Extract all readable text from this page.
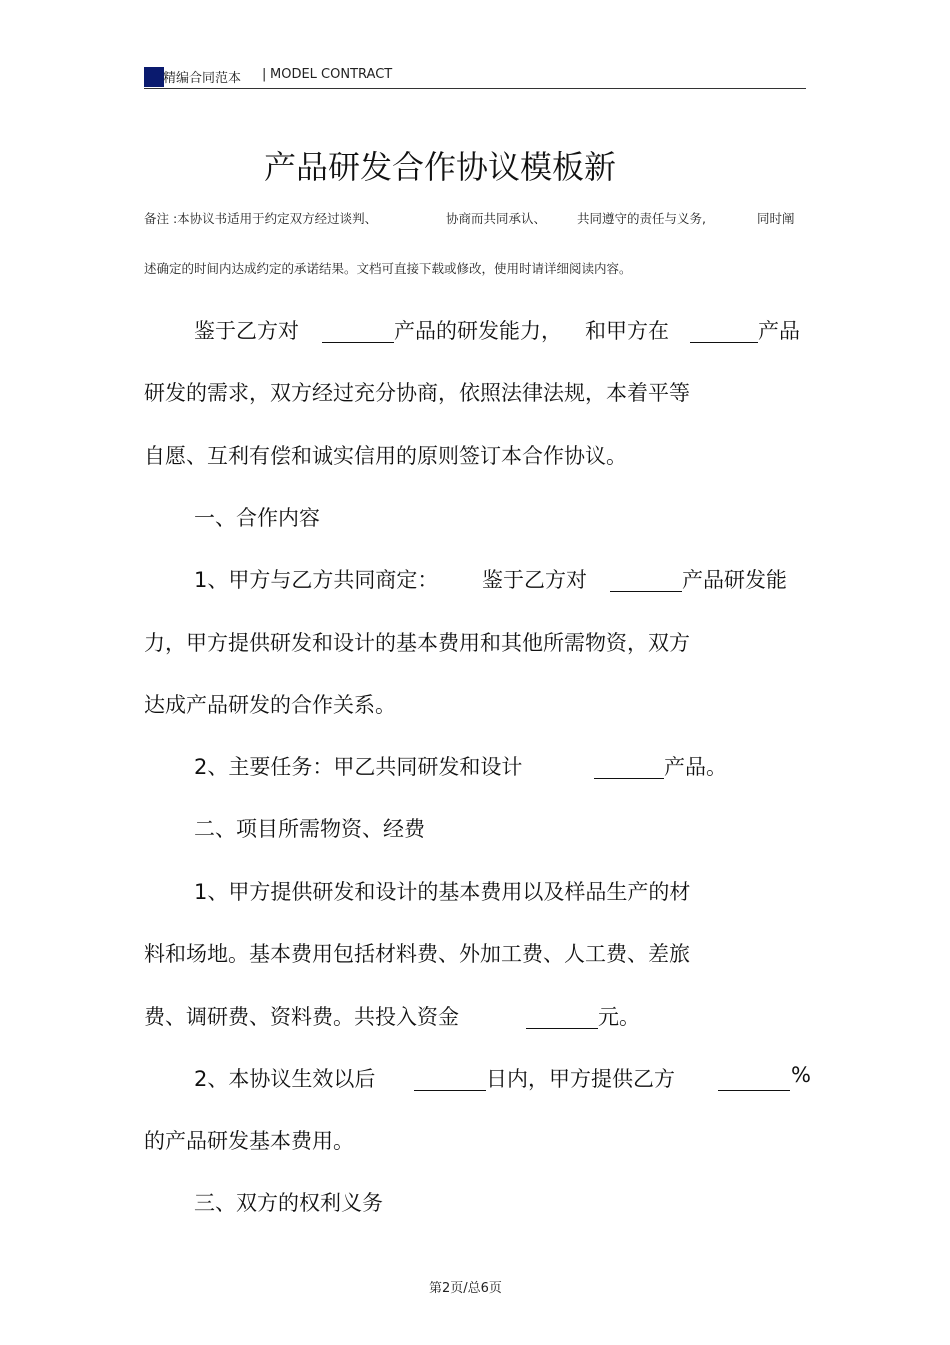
精编合同范本 | MODEL CONTRACT
产品研发合作协议模板新
备注 :本协议书适用于约定双方经过谈判、	协商而共同承认、 共同遵守的责任与义务,	同时阐
述确定的时间内达成约定的承诺结果。文档可直接下载或修改，使用时请详细阅读内容。
鉴于乙方对	产品的研发能力， 和甲方在	产品
研发的需求，双方经过充分协商，依照法律法规，本着平等
自愿、互利有偿和诚实信用的原则签订本合作协议。
一、合作内容
1、甲方与乙方共同商定： 鉴于乙方对	产品研发能
力，甲方提供研发和设计的基本费用和其他所需物资，双方
达成产品研发的合作关系。
2、主要任务：甲乙共同研发和设计	产品。
二、项目所需物资、经费
1、甲方提供研发和设计的基本费用以及样品生产的材
料和场地。基本费用包括材料费、外加工费、人工费、差旅
费、调研费、资料费。共投入资金	元。
2、本协议生效以后	日内，甲方提供乙方	%
的产品研发基本费用。
三、双方的权利义务
第2页/总6页
